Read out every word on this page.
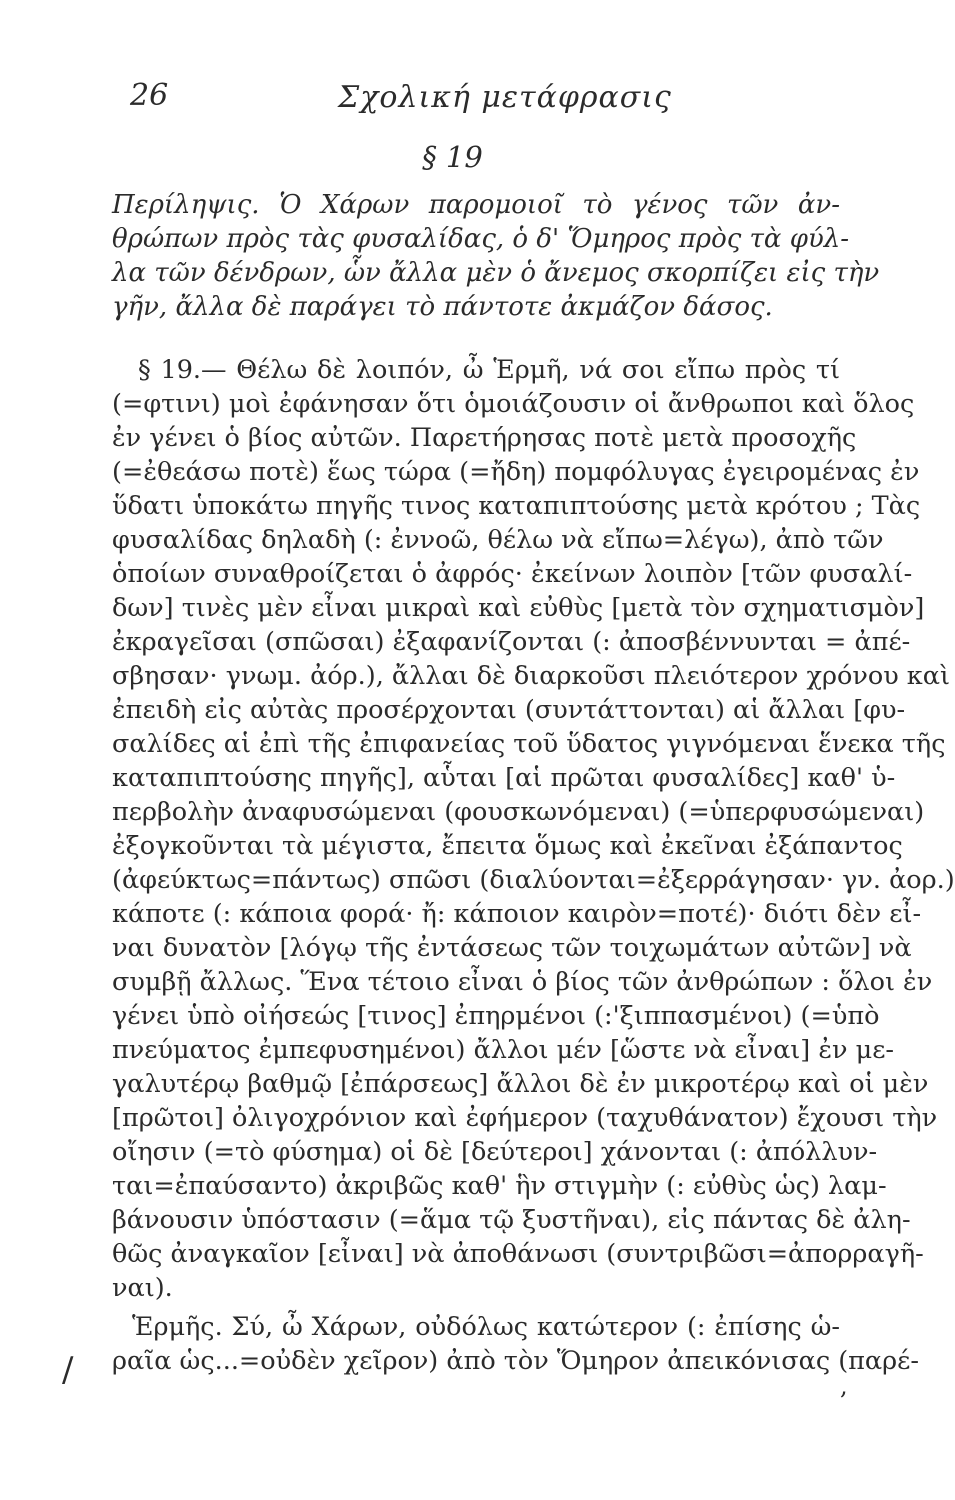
26	Σχολική μετάφρασις
§ 19
Περίληψις. Ὁ Χάρων παρομοιοῖ τὸ γένος τῶν ἀν-
θρώπων πρὸς τὰς φυσαλίδας, ὁ δ' Ὅμηρος πρὸς τὰ φύλ-
λα τῶν δένδρων, ὧν ἄλλα μὲν ὁ ἄνεμος σκορπίζει εἰς τὴν
γῆν, ἄλλα δὲ παράγει τὸ πάντοτε ἀκμάζον δάσος.
§ 19.— Θέλω δὲ λοιπόν, ὦ Ἑρμῆ, νά σοι εἴπω πρὸς τί
(=φτινι) μοὶ ἐφάνησαν ὅτι ὁμοιάζουσιν οἱ ἄνθρωποι καὶ ὅλος
ἐν γένει ὁ βίος αὐτῶν. Παρετήρησας ποτὲ μετὰ προσοχῆς
(=ἐθεάσω ποτὲ) ἕως τώρα (=ἤδη) πομφόλυγας ἐγειρομένας ἐν
ὕδατι ὑποκάτω πηγῆς τινος καταπιπτούσης μετὰ κρότου ; Τὰς
φυσαλίδας δηλαδὴ (: ἐννοῶ, θέλω νὰ εἴπω=λέγω), ἀπὸ τῶν
ὁποίων συναθροίζεται ὁ ἀφρός· ἐκείνων λοιπὸν [τῶν φυσαλί-
δων] τινὲς μὲν εἶναι μικραὶ καὶ εὐθὺς [μετὰ τὸν σχηματισμὸν]
ἐκραγεῖσαι (σπῶσαι) ἐξαφανίζονται (: ἀποσβέννυνται = ἀπέ-
σβησαν· γνωμ. ἀόρ.), ἄλλαι δὲ διαρκοῦσι πλειότερον χρόνου καὶ
ἐπειδὴ εἰς αὐτὰς προσέρχονται (συντάττονται) αἱ ἄλλαι [φυ-
σαλίδες αἱ ἐπὶ τῆς ἐπιφανείας τοῦ ὕδατος γιγνόμεναι ἕνεκα τῆς
καταπιπτούσης πηγῆς], αὗται [αἱ πρῶται φυσαλίδες] καθ' ὑ-
περβολὴν ἀναφυσώμεναι (φουσκωνόμεναι) (=ὑπερφυσώμεναι)
ἐξογκοῦνται τὰ μέγιστα, ἔπειτα ὅμως καὶ ἐκεῖναι ἐξάπαντος
(ἀφεύκτως=πάντως) σπῶσι (διαλύονται=ἐξερράγησαν· γν. ἀορ.)
κάποτε (: κάποια φορά· ἤ: κάποιον καιρὸν=ποτέ)· διότι δὲν εἶ-
ναι δυνατὸν [λόγῳ τῆς ἐντάσεως τῶν τοιχωμάτων αὐτῶν] νὰ
συμβῇ ἄλλως. Ἕνα τέτοιο εἶναι ὁ βίος τῶν ἀνθρώπων : ὅλοι ἐν
γένει ὑπὸ οἰήσεώς [τινος] ἐπηρμένοι (:'ξιππασμένοι) (=ὑπὸ
πνεύματος ἐμπεφυσημένοι) ἄλλοι μέν [ὥστε νὰ εἶναι] ἐν με-
γαλυτέρῳ βαθμῷ [ἐπάρσεως] ἄλλοι δὲ ἐν μικροτέρῳ καὶ οἱ μὲν
[πρῶτοι] ὀλιγοχρόνιον καὶ ἐφήμερον (ταχυθάνατον) ἔχουσι τὴν
οἴησιν (=τὸ φύσημα) οἱ δὲ [δεύτεροι] χάνονται (: ἀπόλλυν-
ται=ἐπαύσαντο) ἀκριβῶς καθ' ἣν στιγμὴν (: εὐθὺς ὡς) λαμ-
βάνουσιν ὑπόστασιν (=ἅμα τῷ ξυστῆναι), εἰς πάντας δὲ ἀλη-
θῶς ἀναγκαῖον [εἶναι] νὰ ἀποθάνωσι (συντριβῶσι=ἀπορραγῆ-
ναι).
Ἑρμῆς. Σύ, ὦ Χάρων, οὐδόλως κατώτερον (: ἐπίσης ὡ-
ραῖα ὡς...=οὐδὲν χεῖρον) ἀπὸ τὸν Ὅμηρον ἀπεικόνισας (παρέ-
/	,
